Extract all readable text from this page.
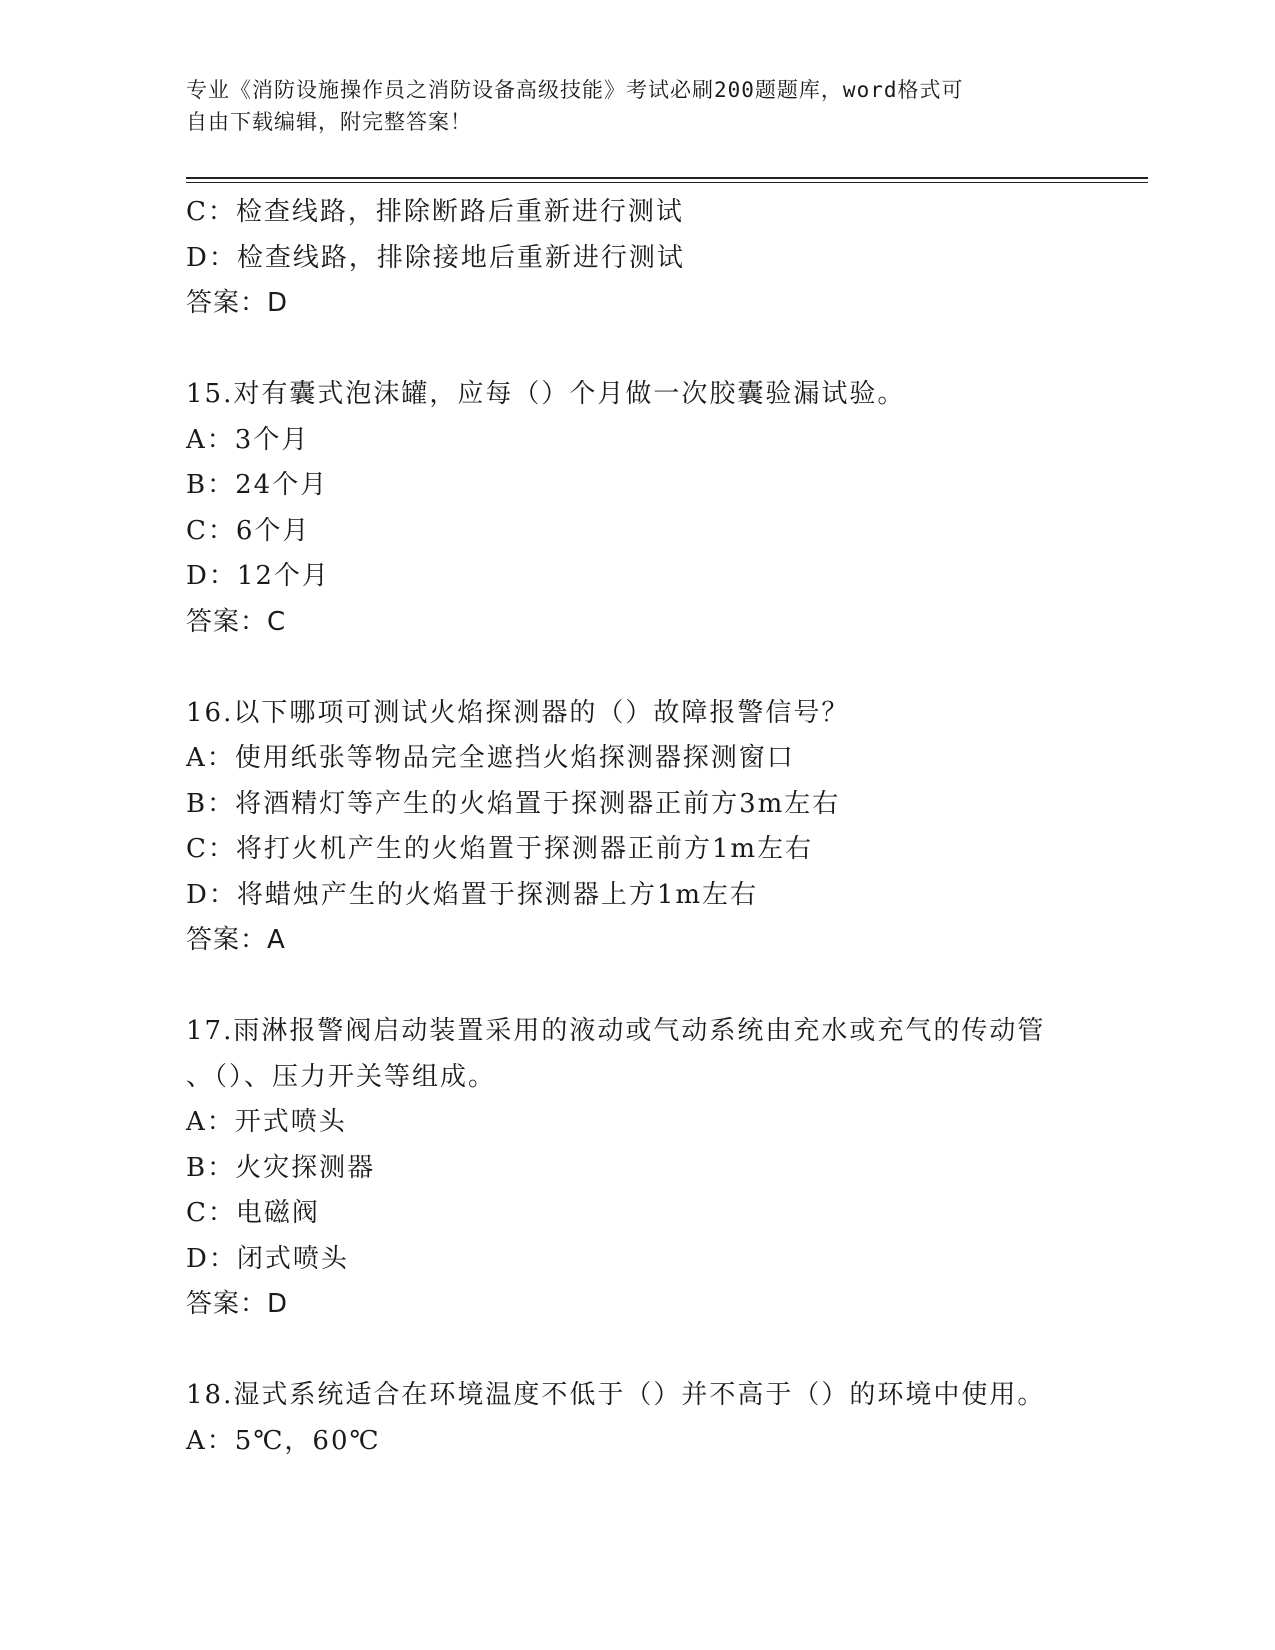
专业《消防设施操作员之消防设备高级技能》考试必刷200题题库，word格式可
自由下载编辑，附完整答案！
C：检查线路，排除断路后重新进行测试
D：检查线路，排除接地后重新进行测试
答案：D
15.对有囊式泡沫罐，应每（）个月做一次胶囊验漏试验。
A：3个月
B：24个月
C：6个月
D：12个月
答案：C
16.以下哪项可测试火焰探测器的（）故障报警信号？
A：使用纸张等物品完全遮挡火焰探测器探测窗口
B：将酒精灯等产生的火焰置于探测器正前方3m左右
C：将打火机产生的火焰置于探测器正前方1m左右
D：将蜡烛产生的火焰置于探测器上方1m左右
答案：A
17.雨淋报警阀启动装置采用的液动或气动系统由充水或充气的传动管
、（）、压力开关等组成。
A：开式喷头
B：火灾探测器
C：电磁阀
D：闭式喷头
答案：D
18.湿式系统适合在环境温度不低于（）并不高于（）的环境中使用。
A：5℃，60℃
